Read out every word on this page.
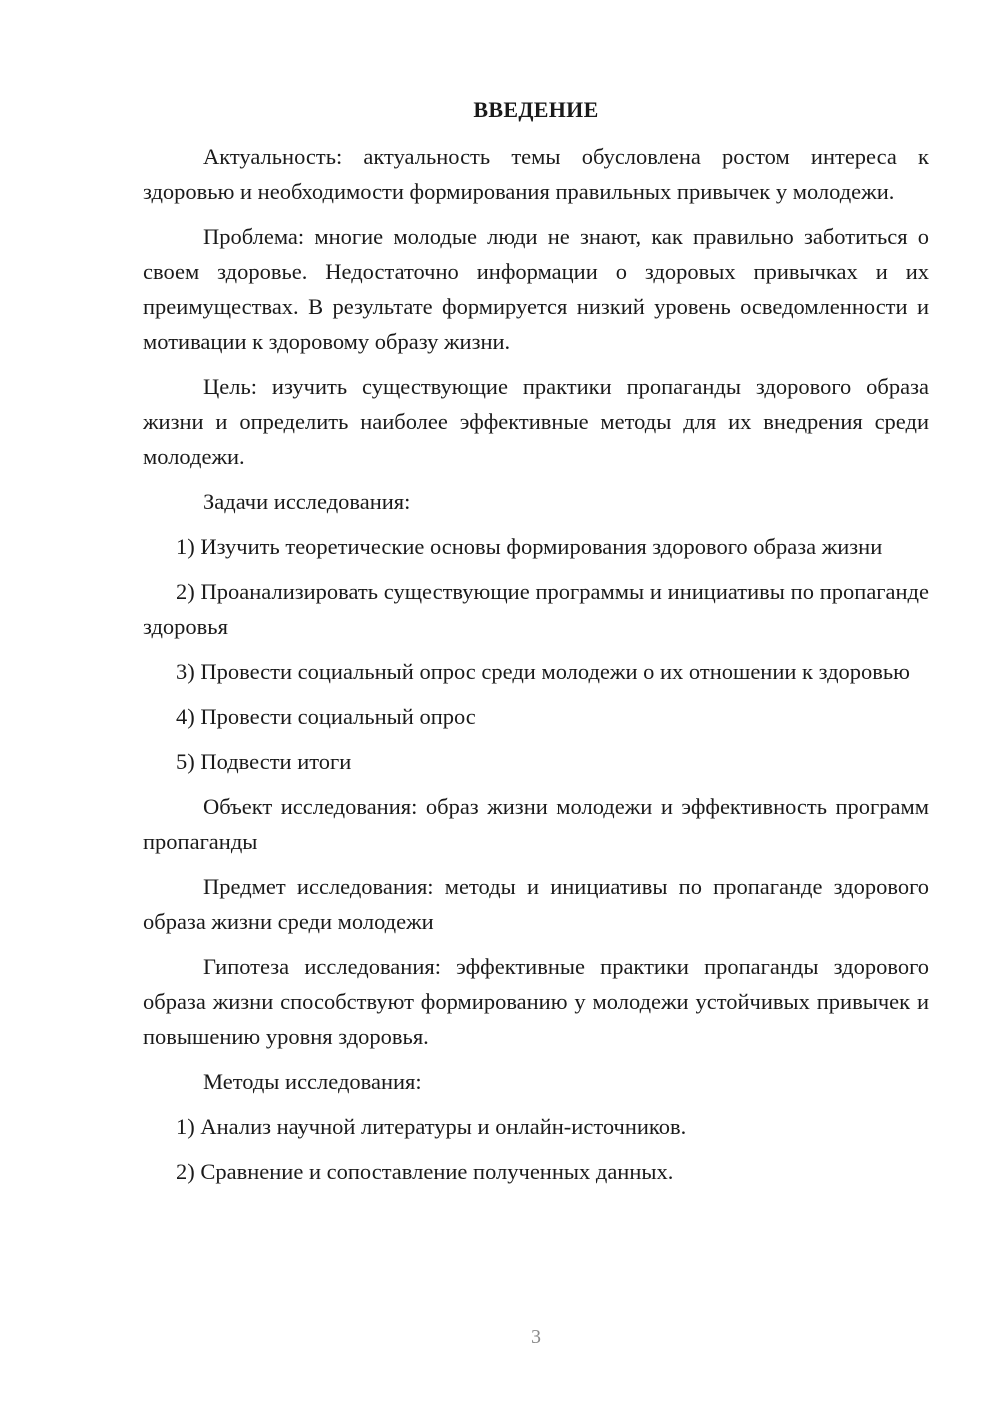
ВВЕДЕНИЕ

Актуальность: актуальность темы обусловлена ростом интереса к здоровью и необходимости формирования правильных привычек у молодежи.

Проблема: многие молодые люди не знают, как правильно заботиться о своем здоровье. Недостаточно информации о здоровых привычках и их преимуществах. В результате формируется низкий уровень осведомленности и мотивации к здоровому образу жизни.

Цель: изучить существующие практики пропаганды здорового образа жизни и определить наиболее эффективные методы для их внедрения среди молодежи.

Задачи исследования:

1) Изучить теоретические основы формирования здорового образа жизни

2) Проанализировать существующие программы и инициативы по пропаганде здоровья

3) Провести социальный опрос среди молодежи о их отношении к здоровью

4) Провести социальный опрос

5) Подвести итоги

Объект исследования: образ жизни молодежи и эффективность программ пропаганды

Предмет исследования: методы и инициативы по пропаганде здорового образа жизни среди молодежи

Гипотеза исследования: эффективные практики пропаганды здорового образа жизни способствуют формированию у молодежи устойчивых привычек и повышению уровня здоровья.

Методы исследования:

1) Анализ научной литературы и онлайн-источников.

2) Сравнение и сопоставление полученных данных.

3
